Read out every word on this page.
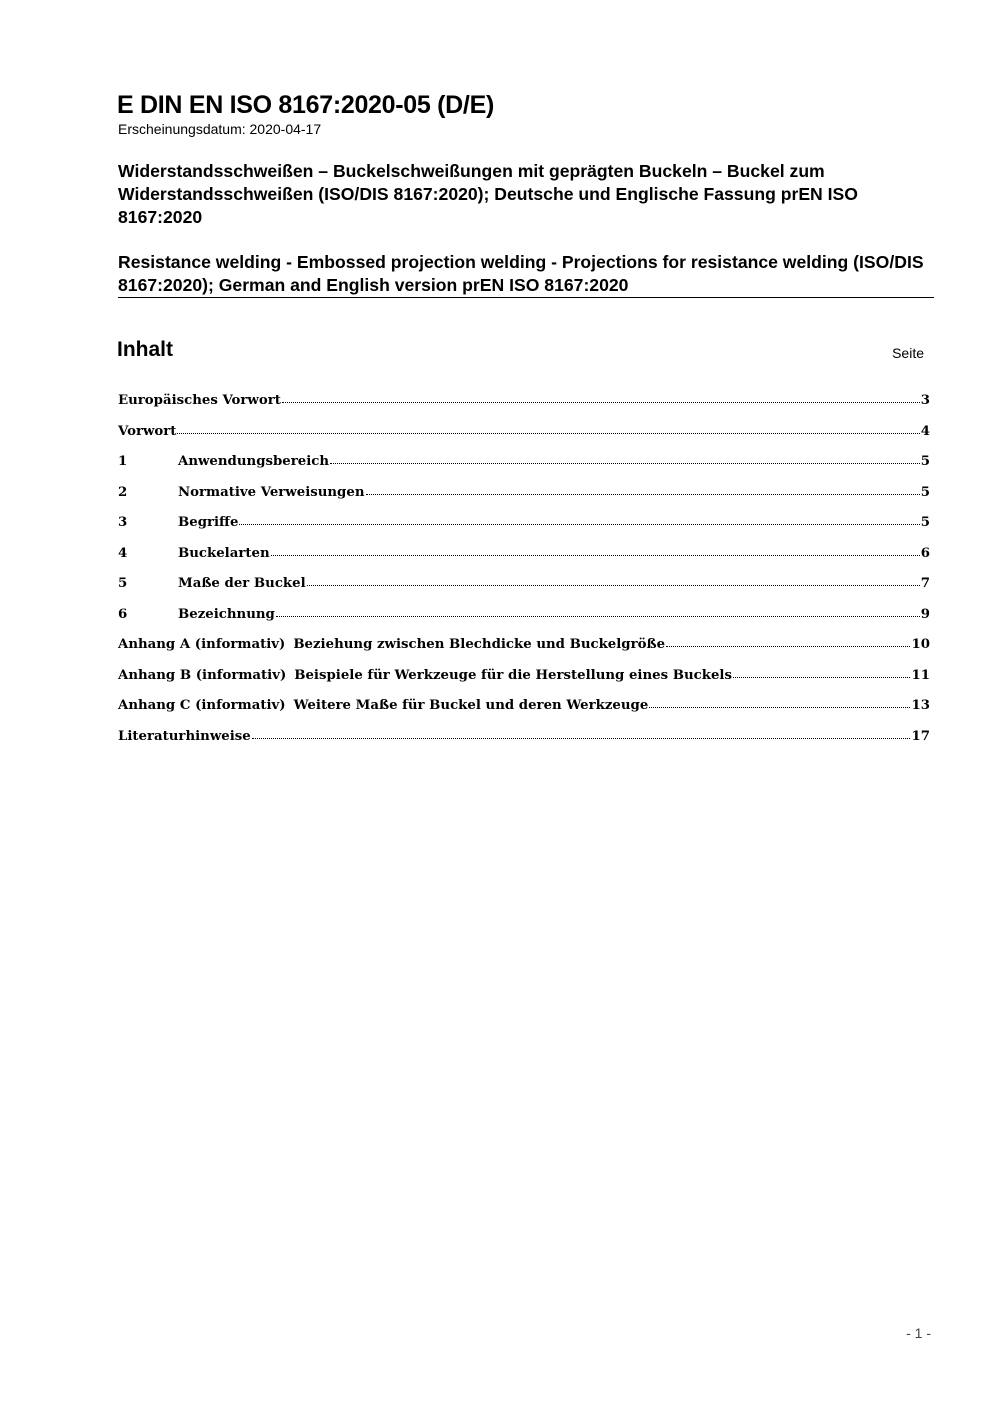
E DIN EN ISO 8167:2020-05 (D/E)
Erscheinungsdatum: 2020-04-17

Widerstandsschweißen – Buckelschweißungen mit geprägten Buckeln – Buckel zum Widerstandsschweißen (ISO/DIS 8167:2020); Deutsche und Englische Fassung prEN ISO 8167:2020

Resistance welding - Embossed projection welding - Projections for resistance welding (ISO/DIS 8167:2020); German and English version prEN ISO 8167:2020

Inhalt	Seite
Europäisches Vorwort	3
Vorwort	4
1	Anwendungsbereich	5
2	Normative Verweisungen	5
3	Begriffe	5
4	Buckelarten	6
5	Maße der Buckel	7
6	Bezeichnung	9
Anhang A (informativ) Beziehung zwischen Blechdicke und Buckelgröße	10
Anhang B (informativ) Beispiele für Werkzeuge für die Herstellung eines Buckels	11
Anhang C (informativ) Weitere Maße für Buckel und deren Werkzeuge	13
Literaturhinweise	17
- 1 -
